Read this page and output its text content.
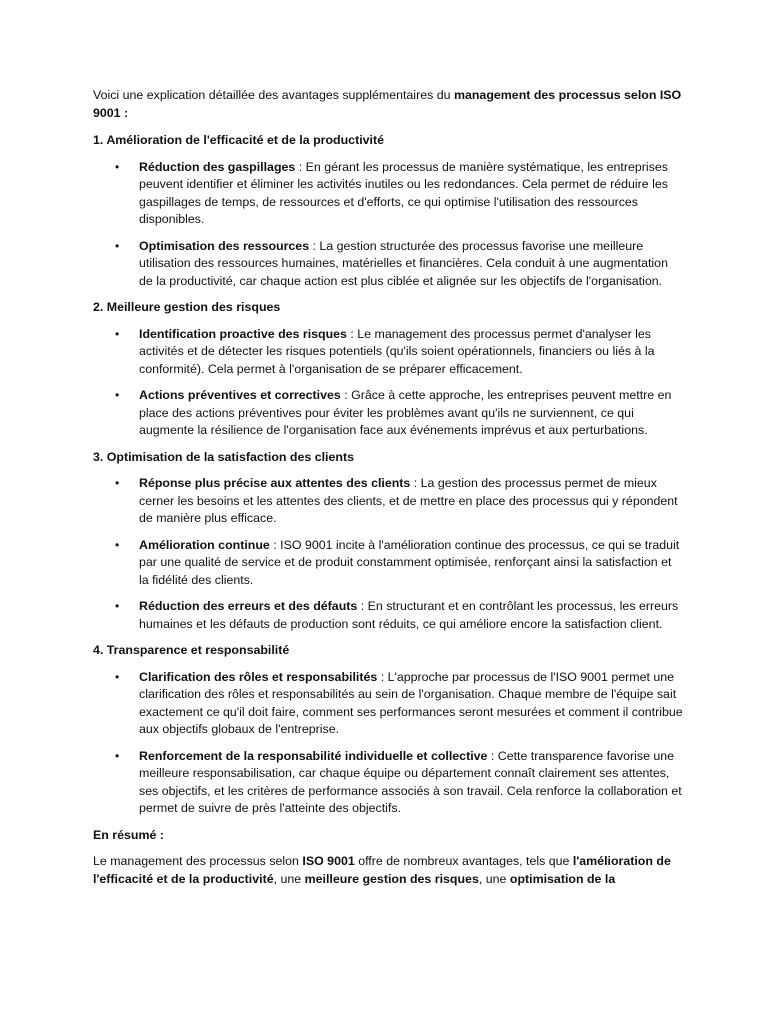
Voici une explication détaillée des avantages supplémentaires du management des processus selon ISO 9001 :

1. Amélioration de l'efficacité et de la productivité

• Réduction des gaspillages : En gérant les processus de manière systématique, les entreprises peuvent identifier et éliminer les activités inutiles ou les redondances. Cela permet de réduire les gaspillages de temps, de ressources et d'efforts, ce qui optimise l'utilisation des ressources disponibles.
• Optimisation des ressources : La gestion structurée des processus favorise une meilleure utilisation des ressources humaines, matérielles et financières. Cela conduit à une augmentation de la productivité, car chaque action est plus ciblée et alignée sur les objectifs de l'organisation.

2. Meilleure gestion des risques

• Identification proactive des risques : Le management des processus permet d'analyser les activités et de détecter les risques potentiels (qu'ils soient opérationnels, financiers ou liés à la conformité). Cela permet à l'organisation de se préparer efficacement.
• Actions préventives et correctives : Grâce à cette approche, les entreprises peuvent mettre en place des actions préventives pour éviter les problèmes avant qu'ils ne surviennent, ce qui augmente la résilience de l'organisation face aux événements imprévus et aux perturbations.

3. Optimisation de la satisfaction des clients

• Réponse plus précise aux attentes des clients : La gestion des processus permet de mieux cerner les besoins et les attentes des clients, et de mettre en place des processus qui y répondent de manière plus efficace.
• Amélioration continue : ISO 9001 incite à l'amélioration continue des processus, ce qui se traduit par une qualité de service et de produit constamment optimisée, renforçant ainsi la satisfaction et la fidélité des clients.
• Réduction des erreurs et des défauts : En structurant et en contrôlant les processus, les erreurs humaines et les défauts de production sont réduits, ce qui améliore encore la satisfaction client.

4. Transparence et responsabilité

• Clarification des rôles et responsabilités : L'approche par processus de l'ISO 9001 permet une clarification des rôles et responsabilités au sein de l'organisation. Chaque membre de l'équipe sait exactement ce qu'il doit faire, comment ses performances seront mesurées et comment il contribue aux objectifs globaux de l'entreprise.
• Renforcement de la responsabilité individuelle et collective : Cette transparence favorise une meilleure responsabilisation, car chaque équipe ou département connaît clairement ses attentes, ses objectifs, et les critères de performance associés à son travail. Cela renforce la collaboration et permet de suivre de près l'atteinte des objectifs.

En résumé :

Le management des processus selon ISO 9001 offre de nombreux avantages, tels que l'amélioration de l'efficacité et de la productivité, une meilleure gestion des risques, une optimisation de la
